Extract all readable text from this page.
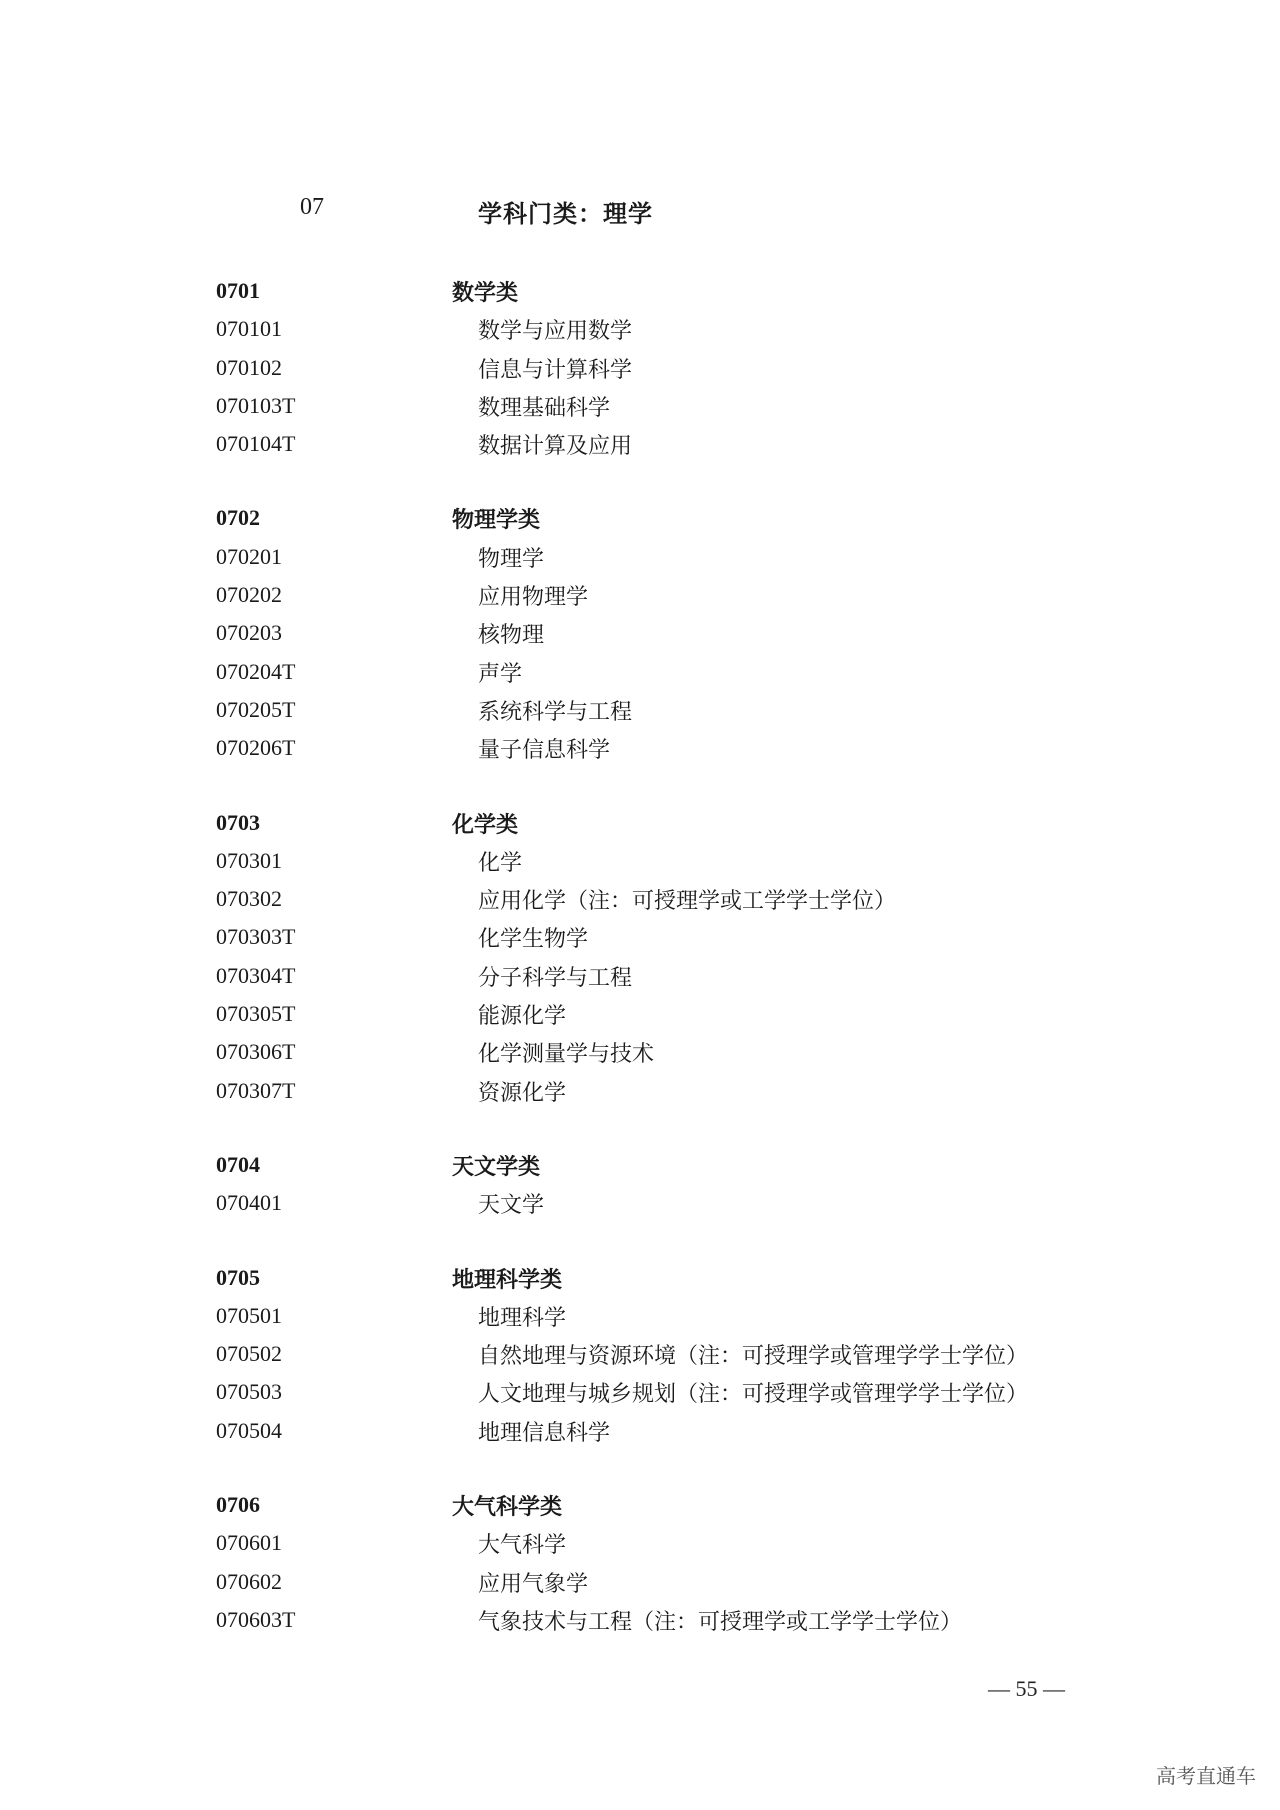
07	学科门类：理学
0701	数学类
070101	数学与应用数学
070102	信息与计算科学
070103T	数理基础科学
070104T	数据计算及应用
0702	物理学类
070201	物理学
070202	应用物理学
070203	核物理
070204T	声学
070205T	系统科学与工程
070206T	量子信息科学
0703	化学类
070301	化学
070302	应用化学（注：可授理学或工学学士学位）
070303T	化学生物学
070304T	分子科学与工程
070305T	能源化学
070306T	化学测量学与技术
070307T	资源化学
0704	天文学类
070401	天文学
0705	地理科学类
070501	地理科学
070502	自然地理与资源环境（注：可授理学或管理学学士学位）
070503	人文地理与城乡规划（注：可授理学或管理学学士学位）
070504	地理信息科学
0706	大气科学类
070601	大气科学
070602	应用气象学
070603T	气象技术与工程（注：可授理学或工学学士学位）
— 55 —
高考直通车
